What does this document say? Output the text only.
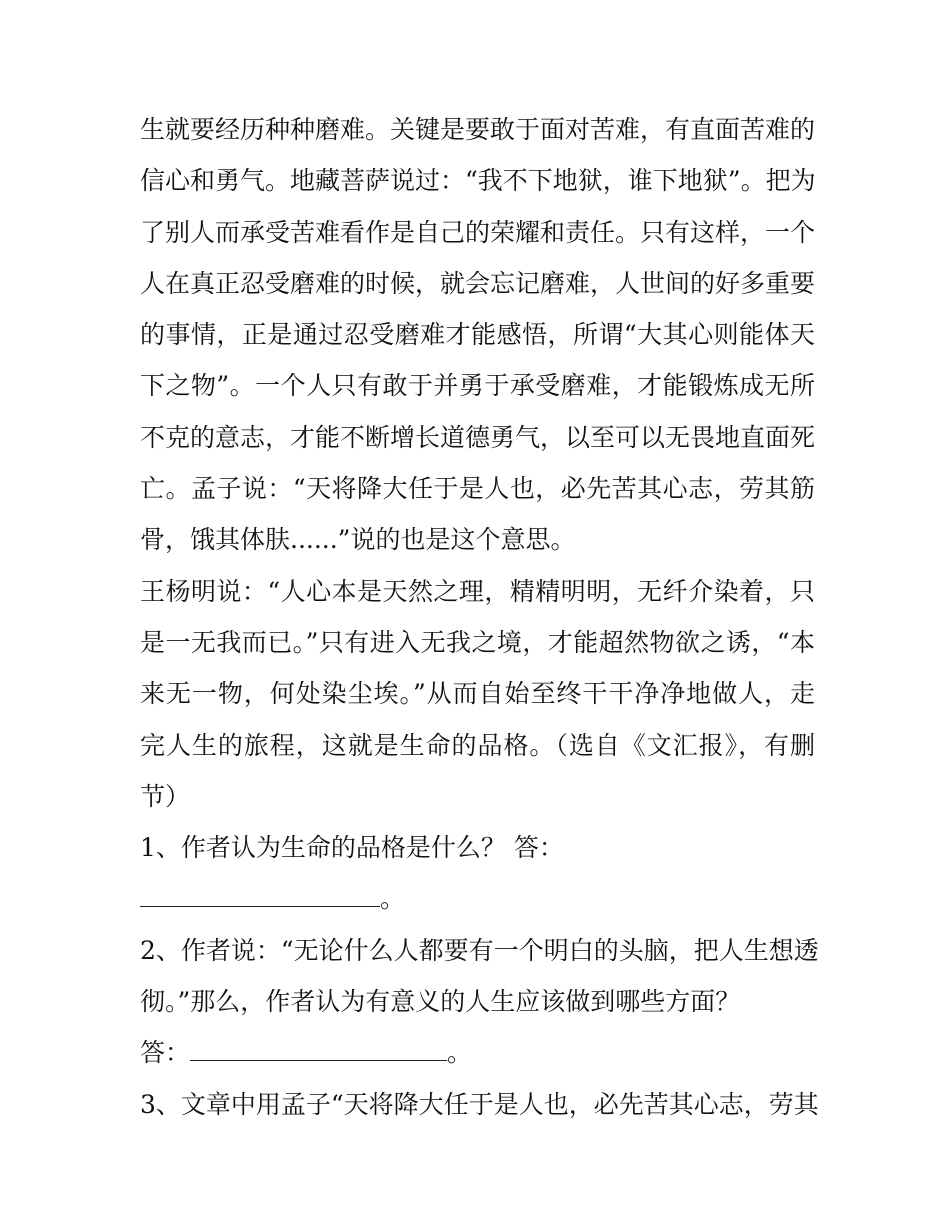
生就要经历种种磨难。关键是要敢于面对苦难，有直面苦难的
信心和勇气。地藏菩萨说过：“我不下地狱，谁下地狱”。把为
了别人而承受苦难看作是自己的荣耀和责任。只有这样，一个
人在真正忍受磨难的时候，就会忘记磨难，人世间的好多重要
的事情，正是通过忍受磨难才能感悟，所谓“大其心则能体天
下之物”。一个人只有敢于并勇于承受磨难，才能锻炼成无所
不克的意志，才能不断增长道德勇气，以至可以无畏地直面死
亡。孟子说：“天将降大任于是人也，必先苦其心志，劳其筋
骨，饿其体肤......”说的也是这个意思。
王杨明说：“人心本是天然之理，精精明明，无纤介染着，只
是一无我而已。”只有进入无我之境，才能超然物欲之诱，“本
来无一物，何处染尘埃。”从而自始至终干干净净地做人，走
完人生的旅程，这就是生命的品格。（选自《文汇报》，有删
节）
1、作者认为生命的品格是什么？ 答：
。
2、作者说：“无论什么人都要有一个明白的头脑，把人生想透
彻。”那么，作者认为有意义的人生应该做到哪些方面？
答：	。
3、文章中用孟子“天将降大任于是人也，必先苦其心志，劳其
